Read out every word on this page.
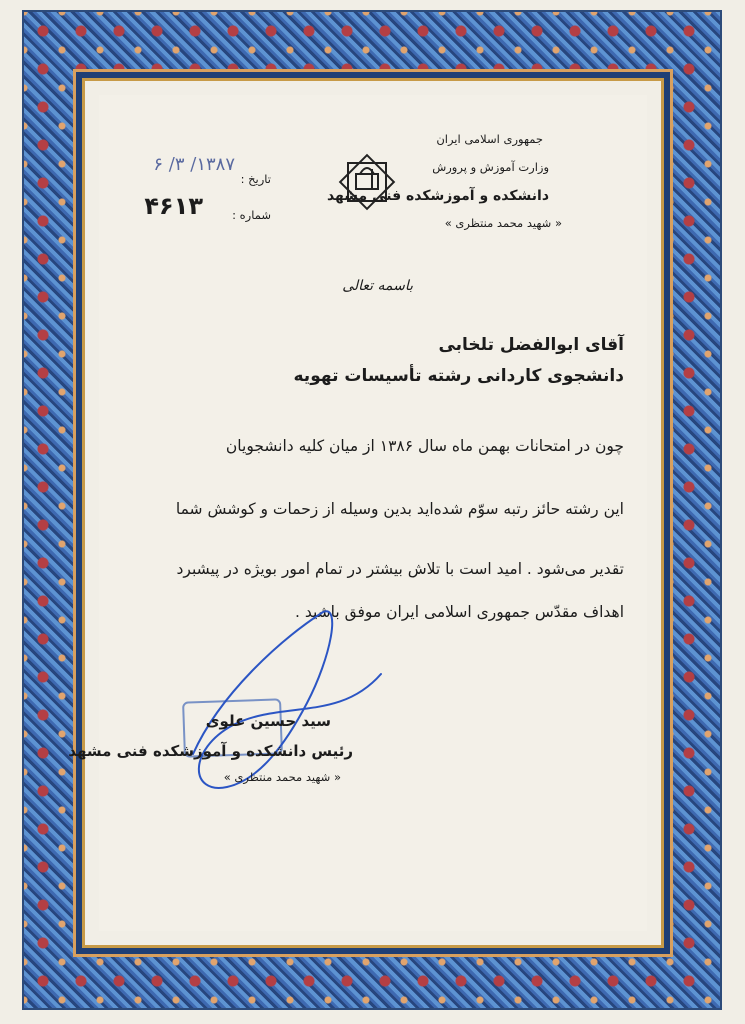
جمهوری اسلامی ایران
وزارت آموزش و پرورش
دانشکده و آموزشکده فنی مشهد
« شهید محمد منتظری »
تاریخ :
۱۳۸۷/ ۳/ ۶
شماره :
۴۶۱۳
باسمه تعالی
آقای ابوالفضل تلخابی
دانشجوی کاردانی رشته تأسیسات تهویه
چون در امتحانات بهمن ماه سال ۱۳۸۶ از میان کلیه دانشجویان
این رشته حائز رتبه سوّم شده‌اید بدین وسیله از زحمات و کوشش شما
تقدیر می‌شود . امید است با تلاش بیشتر در تمام امور بویژه در پیشبرد
اهداف مقدّس جمهوری اسلامی ایران موفق باشید .
سید حسین علوی
رئیس دانشکده و آموزشکده فنی مشهد
« شهید محمد منتظری »
